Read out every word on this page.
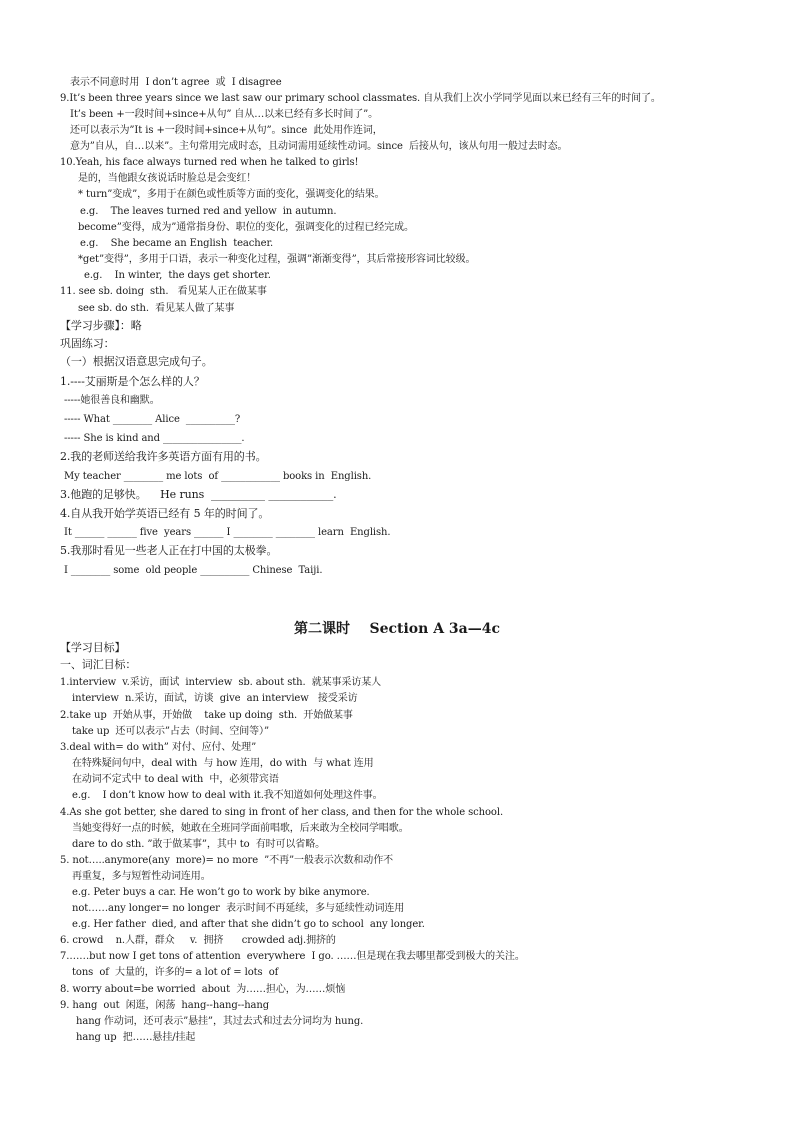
表示不同意时用  I don’t agree  或  I disagree
9.It’s been three years since we last saw our primary school classmates. 自从我们上次小学同学见面以来已经有三年的时间了。
It’s been +一段时间+since+从句” 自从…以来已经有多长时间了”。
还可以表示为”It is +一段时间+since+从句”。since  此处用作连词，
意为”自从，自…以来”。主句常用完成时态，且动词需用延续性动词。since  后接从句，该从句用一般过去时态。
10.Yeah, his face always turned red when he talked to girls!
是的，当他跟女孩说话时脸总是会变红！
* turn”变成”，多用于在颜色或性质等方面的变化，强调变化的结果。
e.g.    The leaves turned red and yellow  in autumn.
become”变得，成为”通常指身份、职位的变化，强调变化的过程已经完成。
e.g.    She became an English  teacher.
*get”变得”，多用于口语，表示一种变化过程，强调”渐渐变得”，其后常接形容词比较级。
e.g.    In winter,  the days get shorter.
11. see sb. doing  sth.   看见某人正在做某事
see sb. do sth.  看见某人做了某事
【学习步骤】：略
巩固练习：
（一）根据汉语意思完成句子。
1.----艾丽斯是个怎么样的人？
-----她很善良和幽默。
----- What ________ Alice  __________?
----- She is kind and ________________.
2.我的老师送给我许多英语方面有用的书。
My teacher ________ me lots  of ____________ books in  English.
3.他跑的足够快。    He runs  __________ ____________.
4.自从我开始学英语已经有 5 年的时间了。
It ______ ______ five  years ______ I ________ ________ learn  English.
5.我那时看见一些老人正在打中国的太极拳。
I ________ some  old people __________ Chinese  Taiji.
第二课时    Section A 3a—4c
【学习目标】
一、词汇目标：
1.interview  v.采访，面试  interview  sb. about sth.  就某事采访某人
interview  n.采访，面试，访谈  give  an interview   接受采访
2.take up  开始从事，开始做    take up doing  sth.  开始做某事
take up  还可以表示”占去（时间、空间等）”
3.deal with= do with” 对付、应付、处理”
在特殊疑问句中，deal with  与 how 连用，do with  与 what 连用
在动词不定式中 to deal with  中，必须带宾语
e.g.    I don’t know how to deal with it.我不知道如何处理这件事。
4.As she got better, she dared to sing in front of her class, and then for the whole school.
当她变得好一点的时候，她敢在全班同学面前唱歌，后来敢为全校同学唱歌。
dare to do sth. ”敢于做某事”，其中 to  有时可以省略。
5. not…..anymore(any  more)= no more  ”不再”一般表示次数和动作不
再重复，多与短暂性动词连用。
e.g. Peter buys a car. He won’t go to work by bike anymore.
not……any longer= no longer  表示时间不再延续，多与延续性动词连用
e.g. Her father  died, and after that she didn’t go to school  any longer.
6. crowd    n.人群，群众     v.  拥挤      crowded adj.拥挤的
7.……but now I get tons of attention  everywhere  I go. ……但是现在我去哪里都受到极大的关注。
tons  of  大量的，许多的= a lot of = lots  of
8. worry about=be worried  about  为……担心，为……烦恼
9. hang  out  闲逛，闲荡  hang--hang--hang
hang 作动词，还可表示”悬挂”，其过去式和过去分词均为 hung.
hang up  把……悬挂/挂起
